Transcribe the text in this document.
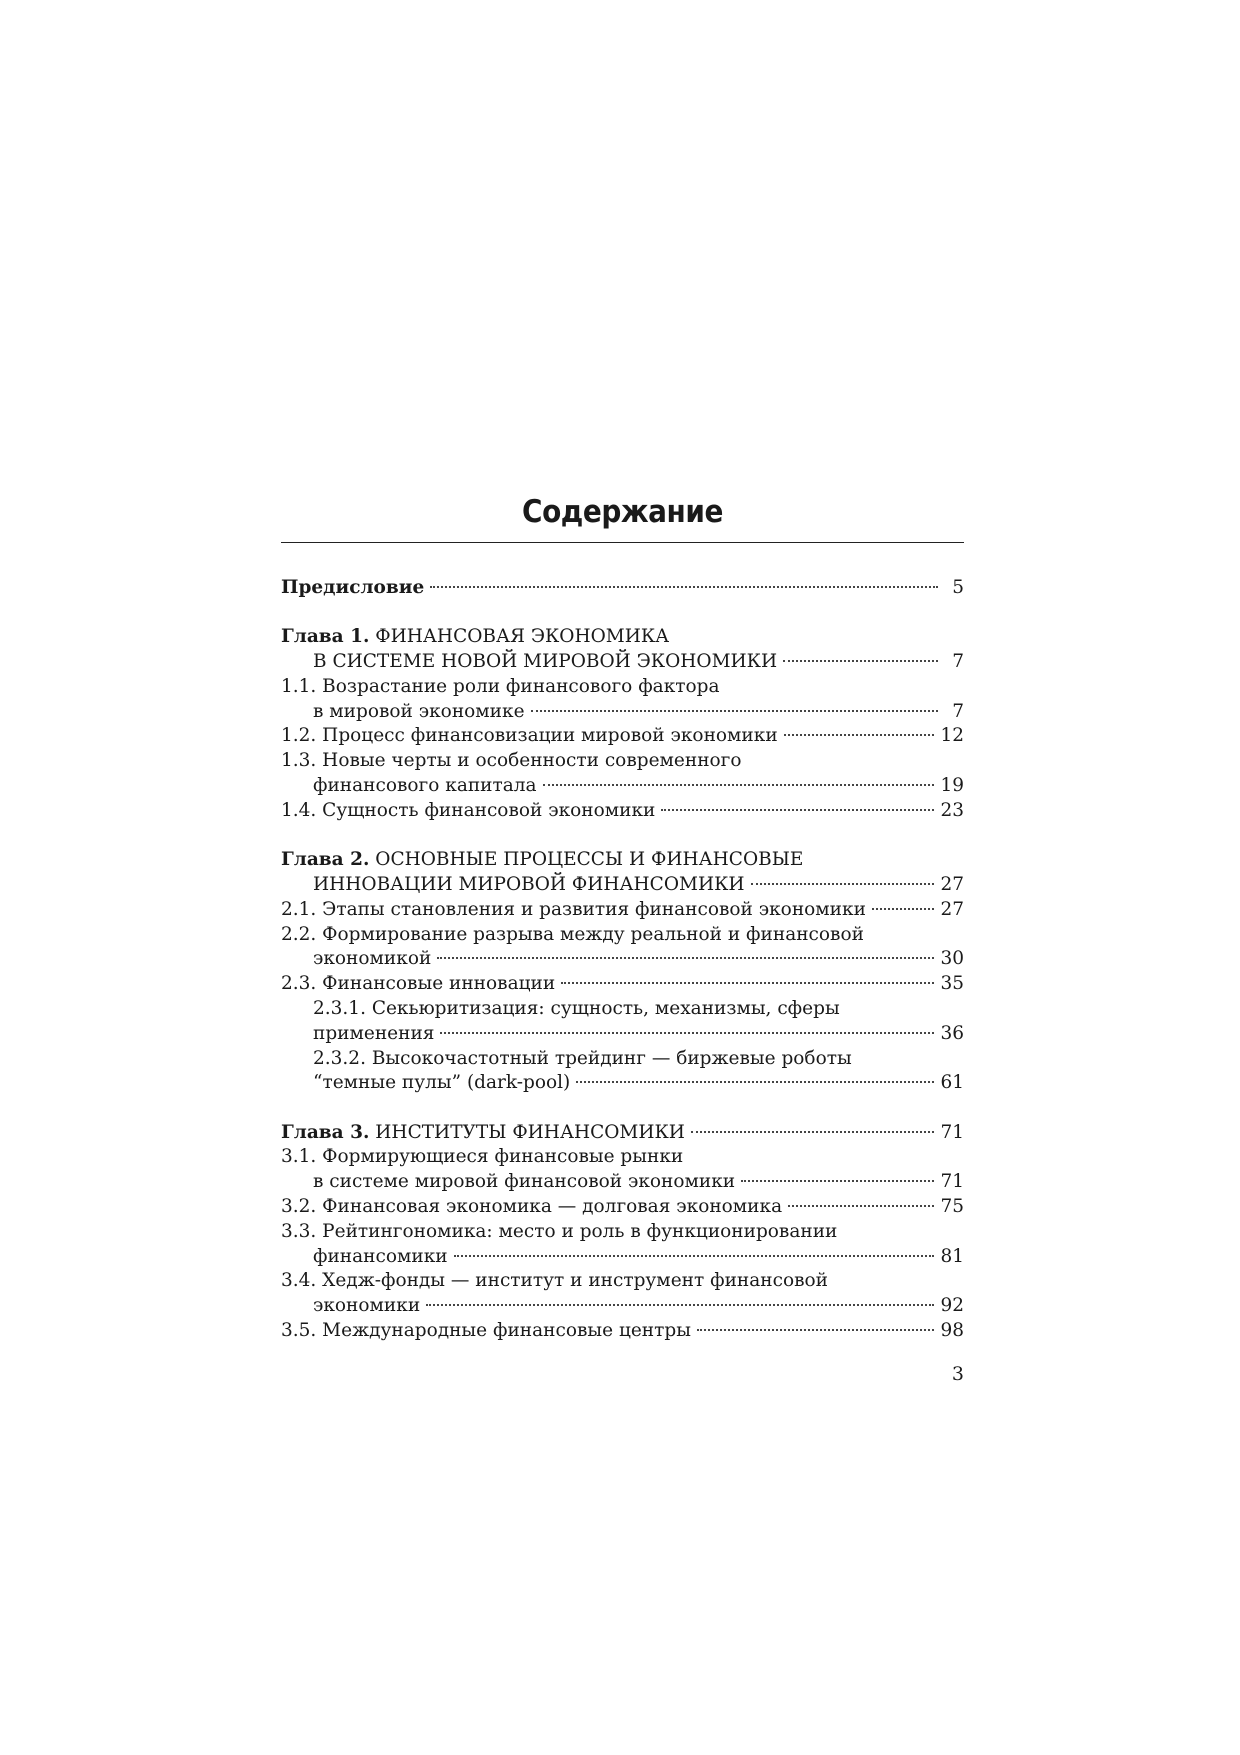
Содержание
Предисловие	5
Глава 1. ФИНАНСОВАЯ ЭКОНОМИКА
В СИСТЕМЕ НОВОЙ МИРОВОЙ ЭКОНОМИКИ	7
1.1. Возрастание роли финансового фактора
в мировой экономике	7
1.2. Процесс финансовизации мировой экономики	12
1.3. Новые черты и особенности современного
финансового капитала	19
1.4. Сущность финансовой экономики	23
Глава 2. ОСНОВНЫЕ ПРОЦЕССЫ И ФИНАНСОВЫЕ
ИННОВАЦИИ МИРОВОЙ ФИНАНСОМИКИ	27
2.1. Этапы становления и развития финансовой экономики	27
2.2. Формирование разрыва между реальной и финансовой
экономикой	30
2.3. Финансовые инновации	35
2.3.1. Секьюритизация: сущность, механизмы, сферы
применения	36
2.3.2. Высокочастотный трейдинг — биржевые роботы
“темные пулы” (dark-pool)	61
Глава 3. ИНСТИТУТЫ ФИНАНСОМИКИ	71
3.1. Формирующиеся финансовые рынки
в системе мировой финансовой экономики	71
3.2. Финансовая экономика — долговая экономика	75
3.3. Рейтингономика: место и роль в функционировании
финансомики	81
3.4. Хедж-фонды — институт и инструмент финансовой
экономики	92
3.5. Международные финансовые центры	98
3
